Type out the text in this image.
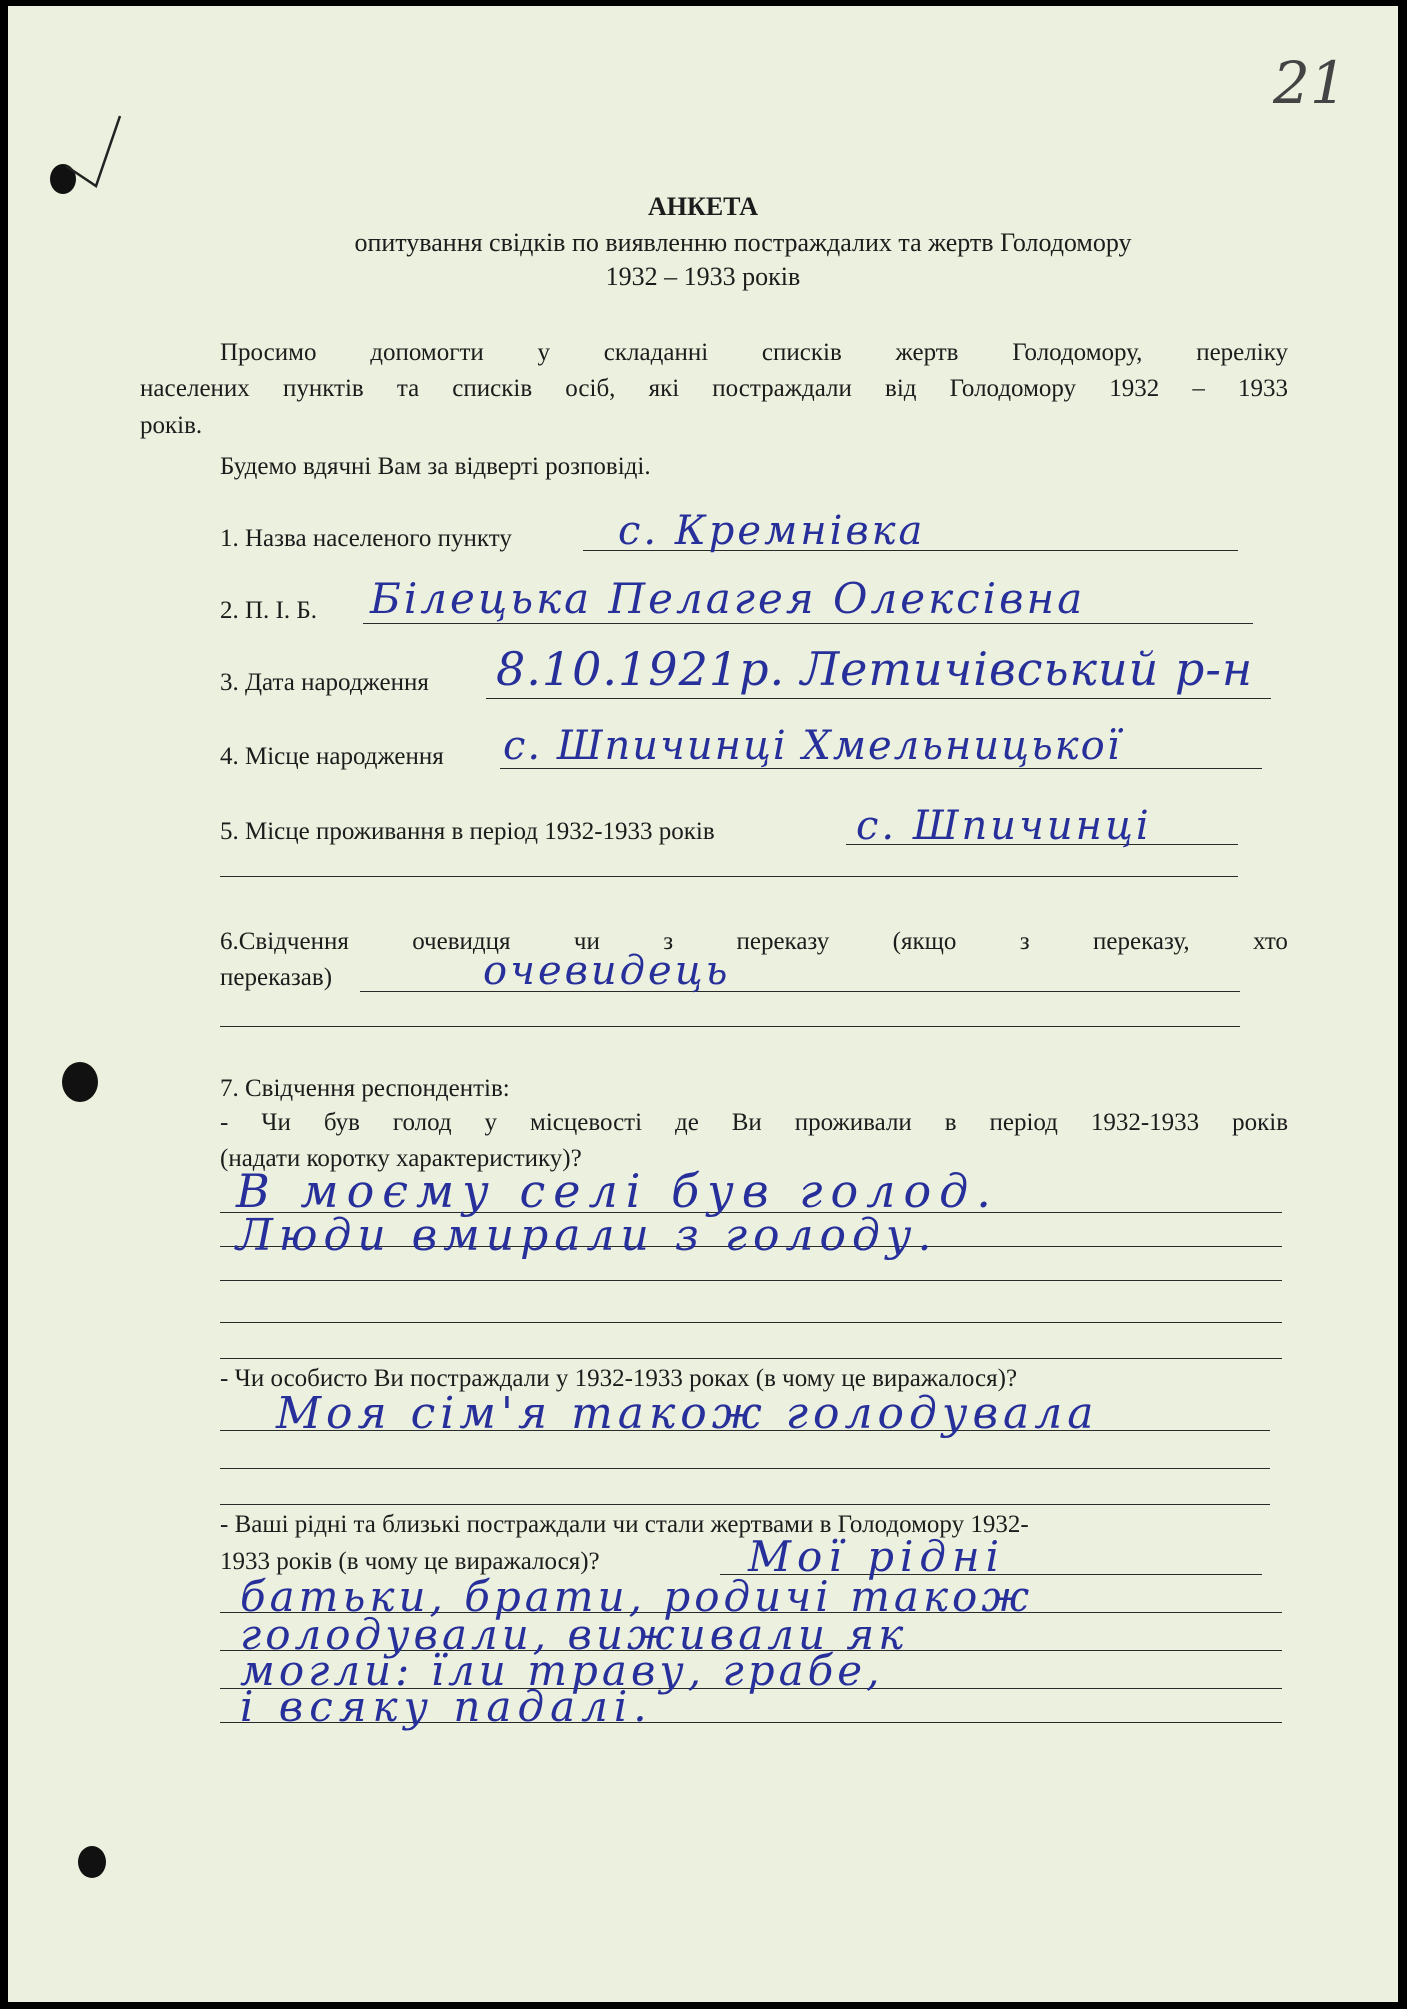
21
АНКЕТА
опитування свідків по виявленню постраждалих та жертв Голодомору
1932 – 1933 років
Просимо допомогти у складанні списків жертв Голодомору, переліку
населених пунктів та списків осіб, які постраждали від Голодомору 1932 – 1933
років.
Будемо вдячні Вам за відверті розповіді.
1. Назва населеного пункту	с. Кремнівка
2. П. І. Б. Білецька Пелагея Олексівна
3. Дата народження 8.10.1921р. Летичівський р-н
4. Місце народження с. Шпичинці Хмельницької
5. Місце проживання в період 1932-1933 років	с. Шпичинці
6.Свідчення	очевидця	чи	з	переказу	(якщо	з	переказу,	хто
переказав)	очевидець
7. Свідчення респондентів:
- Чи був голод у місцевості де Ви проживали в період 1932-1933 років
(надати коротку характеристику)?
В моєму селі був голод.
Люди вмирали з голоду.
- Чи особисто Ви постраждали у 1932-1933 роках (в чому це виражалося)?
Моя сім'я також голодувала
- Ваші рідні та близькі постраждали чи стали жертвами в Голодомору 1932-
1933 років (в чому це виражалося)?	Мої рідні
батьки, брати, родичі також
голодували, виживали як
могли: їли траву, грабе,
і всяку падалі.
